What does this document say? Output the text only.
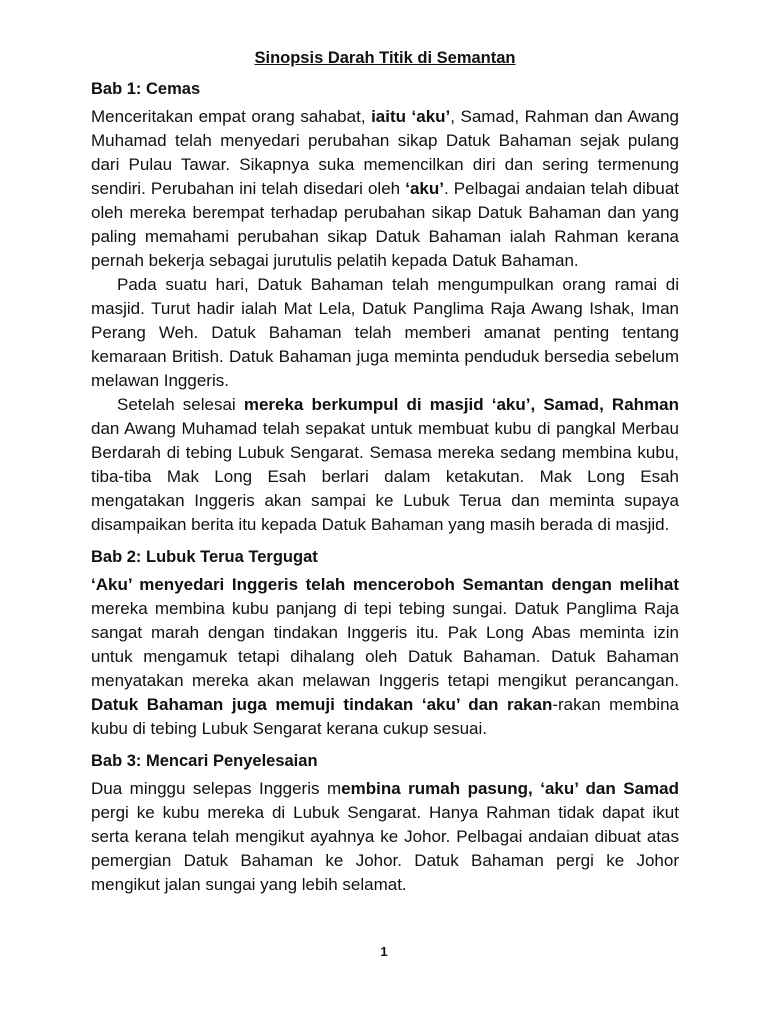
Sinopsis Darah Titik di Semantan
Bab 1: Cemas

Menceritakan empat orang sahabat, iaitu ‘aku’, Samad, Rahman dan Awang Muhamad telah menyedari perubahan sikap Datuk Bahaman sejak pulang dari Pulau Tawar. Sikapnya suka memencilkan diri dan sering termenung sendiri. Perubahan ini telah disedari oleh ‘aku’. Pelbagai andaian telah dibuat oleh mereka berempat terhadap perubahan sikap Datuk Bahaman dan yang paling memahami perubahan sikap Datuk Bahaman ialah Rahman kerana pernah bekerja sebagai jurutulis pelatih kepada Datuk Bahaman.

Pada suatu hari, Datuk Bahaman telah mengumpulkan orang ramai di masjid. Turut hadir ialah Mat Lela, Datuk Panglima Raja Awang Ishak, Iman Perang Weh. Datuk Bahaman telah memberi amanat penting tentang kemaraan British. Datuk Bahaman juga meminta penduduk bersedia sebelum melawan Inggeris.

Setelah selesai mereka berkumpul di masjid ‘aku’, Samad, Rahman dan Awang Muhamad telah sepakat untuk membuat kubu di pangkal Merbau Berdarah di tebing Lubuk Sengarat. Semasa mereka sedang membina kubu, tiba-tiba Mak Long Esah berlari dalam ketakutan. Mak Long Esah mengatakan Inggeris akan sampai ke Lubuk Terua dan meminta supaya disampaikan berita itu kepada Datuk Bahaman yang masih berada di masjid.

Bab 2: Lubuk Terua Tergugat

‘Aku’ menyedari Inggeris telah menceroboh Semantan dengan melihat mereka membina kubu panjang di tepi tebing sungai. Datuk Panglima Raja sangat marah dengan tindakan Inggeris itu. Pak Long Abas meminta izin untuk mengamuk tetapi dihalang oleh Datuk Bahaman. Datuk Bahaman menyatakan mereka akan melawan Inggeris tetapi mengikut perancangan. Datuk Bahaman juga memuji tindakan ‘aku’ dan rakan-rakan membina kubu di tebing Lubuk Sengarat kerana cukup sesuai.

Bab 3: Mencari Penyelesaian

Dua minggu selepas Inggeris membina rumah pasung, ‘aku’ dan Samad pergi ke kubu mereka di Lubuk Sengarat. Hanya Rahman tidak dapat ikut serta kerana telah mengikut ayahnya ke Johor. Pelbagai andaian dibuat atas pemergian Datuk Bahaman ke Johor. Datuk Bahaman pergi ke Johor mengikut jalan sungai yang lebih selamat.

1
